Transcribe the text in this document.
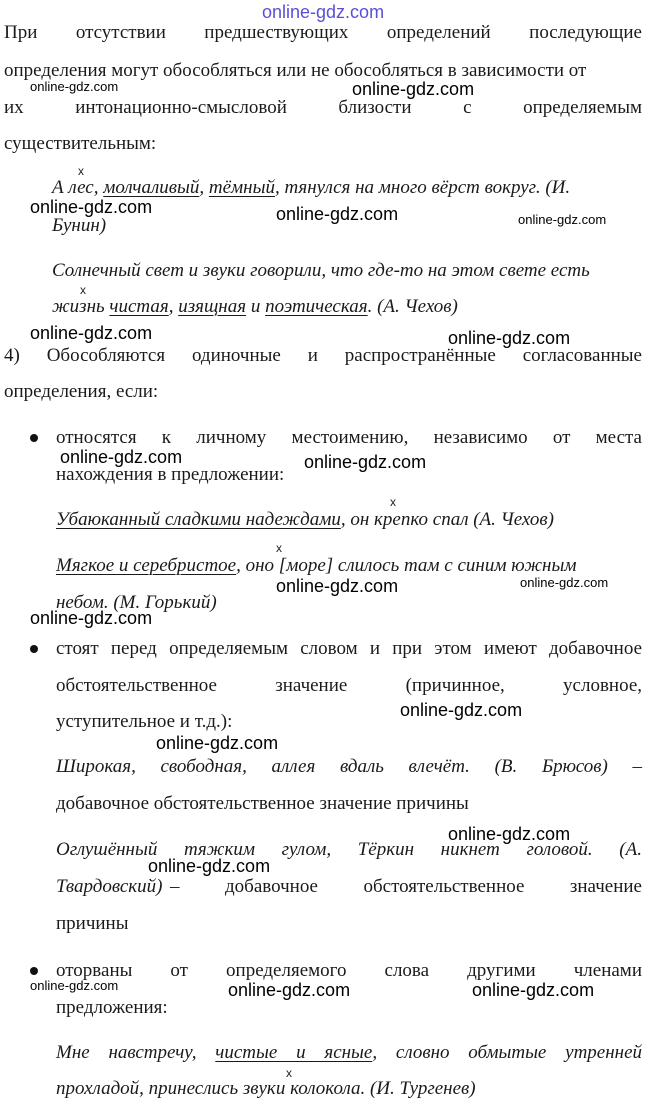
При отсутствии предшествующих определений последующие
определения могут обособляться или не обособляться в зависимости от
их интонационно-смысловой близости с определяемым
существительным:
x
А лес, молчаливый, тёмный, тянулся на много вёрст вокруг. (И.
Бунин)
Солнечный свет и звуки говорили, что где-то на этом свете есть
x
жизнь чистая, изящная и поэтическая. (А. Чехов)
4) Обособляются одиночные и распространённые согласованные
определения, если:
относятся к личному местоимению, независимо от места
нахождения в предложении:
x
Убаюканный сладкими надеждами, он крепко спал (А. Чехов)
x
Мягкое и серебристое, оно [море] слилось там с синим южным
небом. (М. Горький)
стоят перед определяемым словом и при этом имеют добавочное
обстоятельственное значение (причинное, условное,
уступительное и т.д.):
Широкая, свободная, аллея вдаль влечёт. (В. Брюсов) –
добавочное обстоятельственное значение причины
Оглушённый тяжким гулом, Тёркин никнет головой. (А.
Твардовский) – добавочное обстоятельственное значение
причины
оторваны от определяемого слова другими членами
предложения:
Мне навстречу, чистые и ясные, словно обмытые утренней
x
прохладой, принеслись звуки колокола. (И. Тургенев)
online-gdz.com
online-gdz.com	online-gdz.com
online-gdz.com	online-gdz.com	online-gdz.com
online-gdz.com	online-gdz.com
online-gdz.com	online-gdz.com
online-gdz.com	online-gdz.com
online-gdz.com
online-gdz.com
online-gdz.com
online-gdz.com
online-gdz.com
online-gdz.com	online-gdz.com	online-gdz.com
